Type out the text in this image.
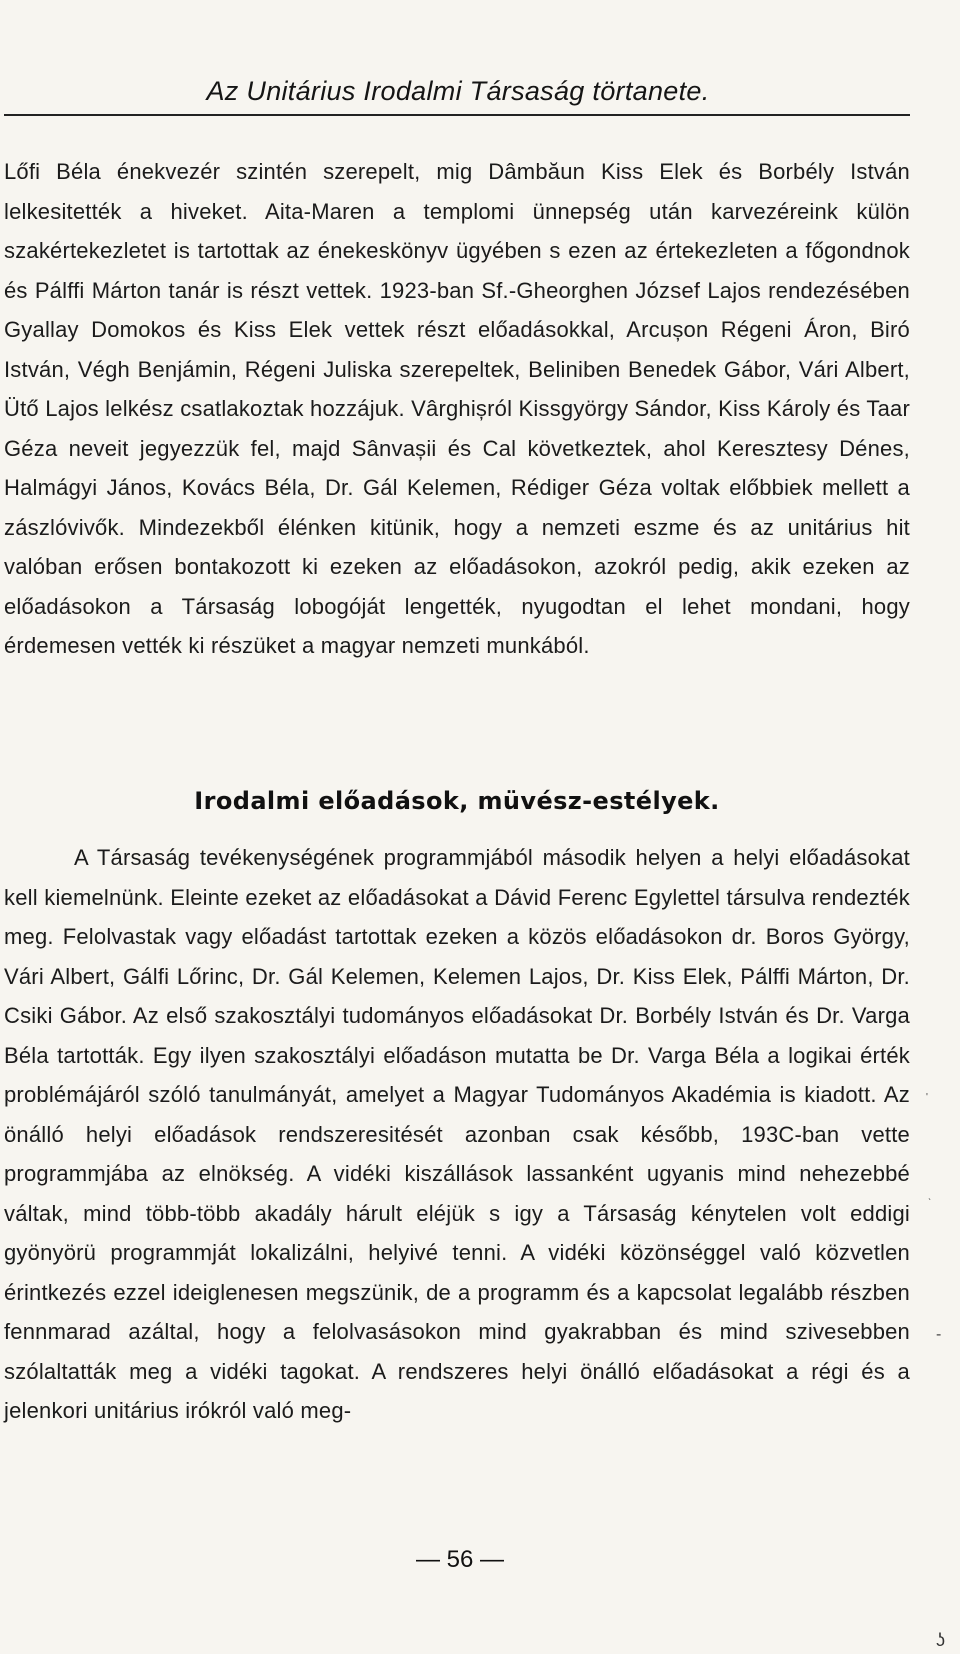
Az Unitárius Irodalmi Társaság törtanete.

Lőfi Béla énekvezér szintén szerepelt, mig Dâmbăun Kiss Elek és Borbély István lelkesitették a hiveket. Aita-Maren a templomi ünnepség után karvezéreink külön szakértekezletet is tartottak az énekeskönyv ügyében s ezen az értekezleten a főgondnok és Pálffi Márton tanár is részt vettek. 1923-ban Sf.-Gheorghen József Lajos rendezésében Gyallay Domokos és Kiss Elek vettek részt előadásokkal, Arcușon Régeni Áron, Biró István, Végh Benjámin, Régeni Juliska szerepeltek, Beliniben Benedek Gábor, Vári Albert, Ütő Lajos lelkész csatlakoztak hozzájuk. Vârghișról Kissgyörgy Sándor, Kiss Károly és Taar Géza neveit jegyezzük fel, majd Sânvașii és Cal következtek, ahol Keresztesy Dénes, Halmágyi János, Kovács Béla, Dr. Gál Kelemen, Rédiger Géza voltak előbbiek mellett a zászlóvivők. Mindezekből élénken kitünik, hogy a nemzeti eszme és az unitárius hit valóban erősen bontakozott ki ezeken az előadásokon, azokról pedig, akik ezeken az előadásokon a Társaság lobogóját lengették, nyugodtan el lehet mondani, hogy érdemesen vették ki részüket a magyar nemzeti munkából.

Irodalmi előadások, müvész-estélyek.

A Társaság tevékenységének programmjából második helyen a helyi előadásokat kell kiemelnünk. Eleinte ezeket az előadásokat a Dávid Ferenc Egylettel társulva rendezték meg. Felolvastak vagy előadást tartottak ezeken a közös előadásokon dr. Boros György, Vári Albert, Gálfi Lőrinc, Dr. Gál Kelemen, Kelemen Lajos, Dr. Kiss Elek, Pálffi Márton, Dr. Csiki Gábor. Az első szakosztályi tudományos előadásokat Dr. Borbély István és Dr. Varga Béla tartották. Egy ilyen szakosztályi előadáson mutatta be Dr. Varga Béla a logikai érték problémájáról szóló tanulmányát, amelyet a Magyar Tudományos Akadémia is kiadott. Az önálló helyi előadások rendszeresitését azonban csak később, 193C-ban vette programmjába az elnökség. A vidéki kiszállások lassanként ugyanis mind nehezebbé váltak, mind több-több akadály hárult eléjük s igy a Társaság kénytelen volt eddigi gyönyörü programmját lokalizálni, helyivé tenni. A vidéki közönséggel való közvetlen érintkezés ezzel ideiglenesen megszünik, de a programm és a kapcsolat legalább részben fennmarad azáltal, hogy a felolvasásokon mind gyakrabban és mind szivesebben szólaltatták meg a vidéki tagokat. A rendszeres helyi önálló előadásokat a régi és a jelenkori unitárius irókról való meg-

— 56 —
'
ˋ
-
ʖ
